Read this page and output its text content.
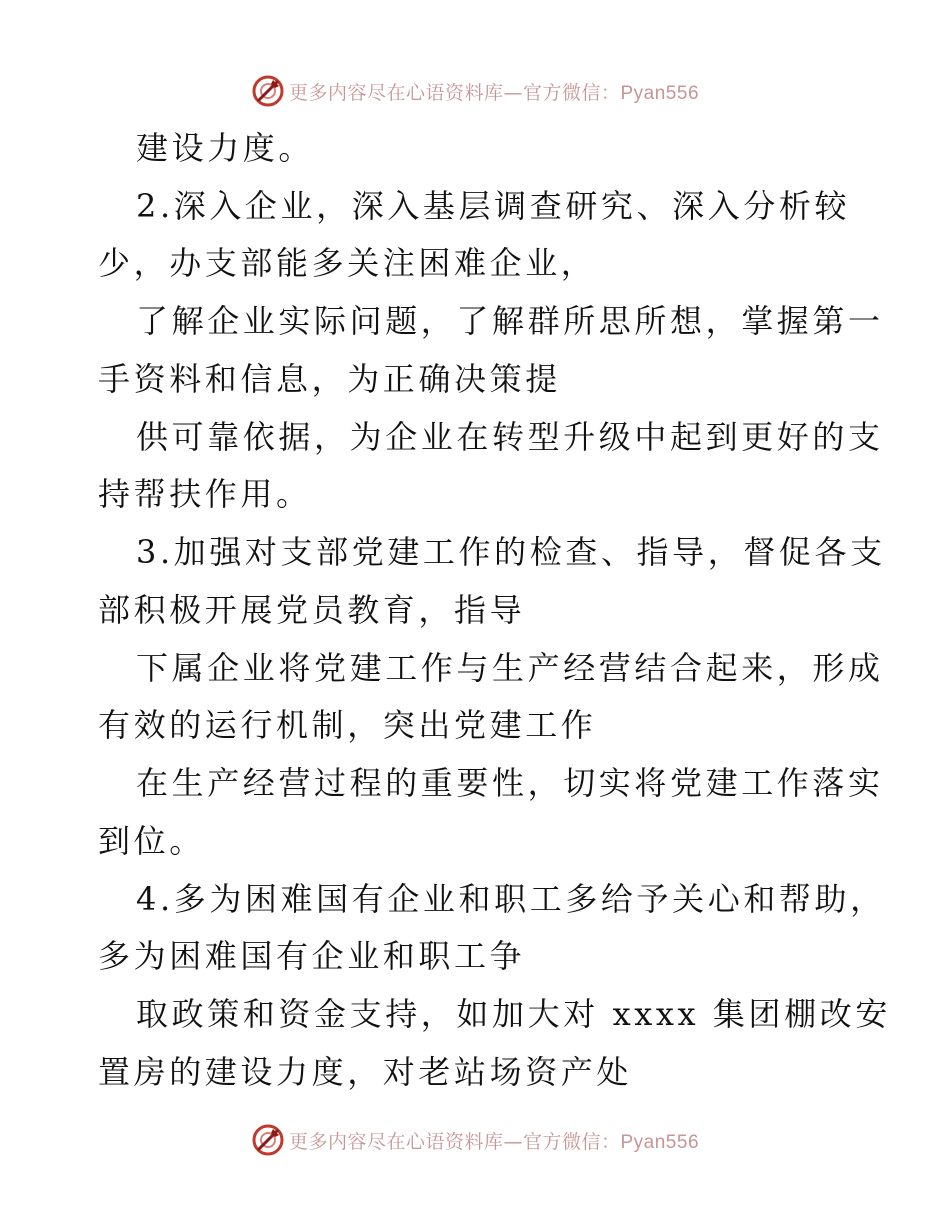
更多内容尽在心语资料库—官方微信：Pyan556
建设力度。
2.深入企业，深入基层调查研究、深入分析较
少，办支部能多关注困难企业，
了解企业实际问题，了解群所思所想，掌握第一
手资料和信息，为正确决策提
供可靠依据，为企业在转型升级中起到更好的支
持帮扶作用。
3.加强对支部党建工作的检查、指导，督促各支
部积极开展党员教育，指导
下属企业将党建工作与生产经营结合起来，形成
有效的运行机制，突出党建工作
在生产经营过程的重要性，切实将党建工作落实
到位。
4.多为困难国有企业和职工多给予关心和帮助，
多为困难国有企业和职工争
取政策和资金支持，如加大对 xxxx 集团棚改安
置房的建设力度，对老站场资产处
更多内容尽在心语资料库—官方微信：Pyan556
